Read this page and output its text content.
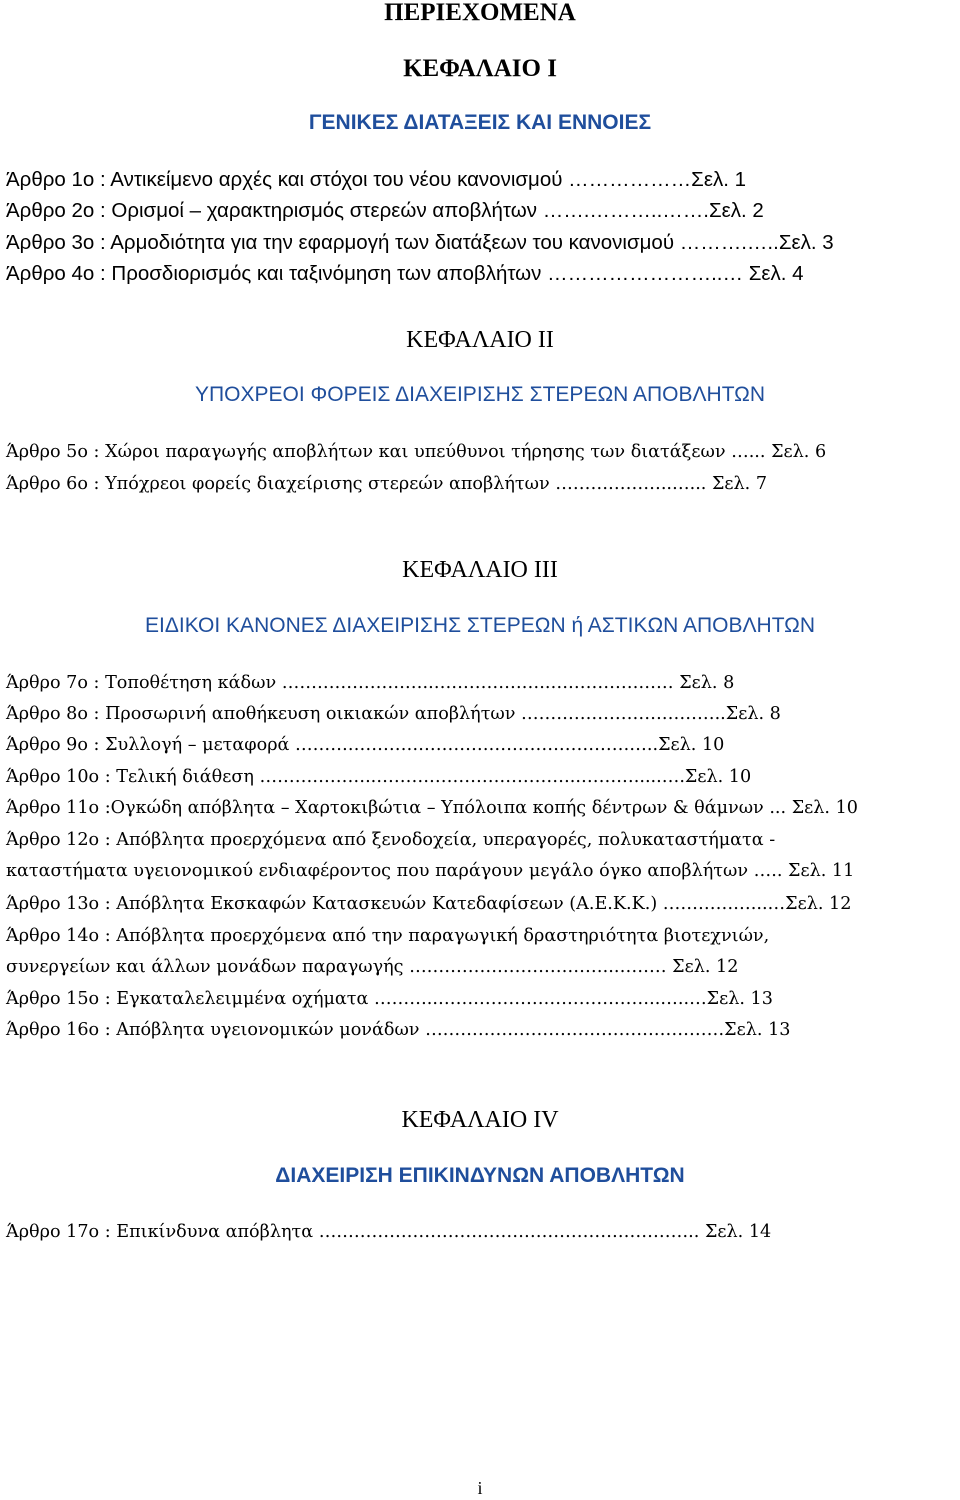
ΠΕΡΙΕΧΟΜΕΝΑ
ΚΕΦΑΛΑΙΟ Ι
ΓΕΝΙΚΕΣ ΔΙΑΤΑΞΕΙΣ ΚΑΙ ΕΝΝΟΙΕΣ
Άρθρο 1ο : Αντικείμενο αρχές και στόχοι του νέου κανονισμού ………………Σελ. 1
Άρθρο 2ο : Ορισμοί – χαρακτηρισμός στερεών αποβλήτων …….………..…….Σελ. 2
Άρθρο 3ο : Αρμοδιότητα για την εφαρμογή των διατάξεων του κανονισμού ……….…..Σελ. 3
Άρθρο 4ο : Προσδιορισμός και ταξινόμηση των αποβλήτων ……………………..… Σελ. 4
ΚΕΦΑΛΑΙΟ ΙΙ
ΥΠΟΧΡΕΟΙ ΦΟΡΕΙΣ ΔΙΑΧΕΙΡΙΣΗΣ ΣΤΕΡΕΩΝ ΑΠΟΒΛΗΤΩΝ
Άρθρο 5ο : Χώροι παραγωγής αποβλήτων και υπεύθυνοι τήρησης των διατάξεων …... Σελ. 6
Άρθρο 6ο : Υπόχρεοι φορείς διαχείρισης στερεών αποβλήτων ………………..…... Σελ. 7
ΚΕΦΑΛΑΙΟ ΙΙΙ
ΕΙΔΙΚΟΙ ΚΑΝΟΝΕΣ ΔΙΑΧΕΙΡΙΣΗΣ ΣΤΕΡΕΩΝ ή ΑΣΤΙΚΩΝ ΑΠΟΒΛΗΤΩΝ
Άρθρο 7ο : Τοποθέτηση κάδων ……………………..………………..………………… Σελ. 8
Άρθρο 8ο : Προσωρινή αποθήκευση οικιακών αποβλήτων ……………………………..Σελ. 8
Άρθρο 9ο : Συλλογή – μεταφορά ……………………………………………………..Σελ. 10
Άρθρο 10ο : Τελική διάθεση ………………..……………………………..……….....….Σελ. 10
Άρθρο 11ο :Ογκώδη απόβλητα – Χαρτοκιβώτια – Υπόλοιπα κοπής δέντρων & θάμνων ... Σελ. 10
Άρθρο 12ο : Απόβλητα προερχόμενα από ξενοδοχεία, υπεραγορές, πολυκαταστήματα -
καταστήματα υγειονομικού ενδιαφέροντος που παράγουν μεγάλο όγκο αποβλήτων ….. Σελ. 11
Άρθρο 13ο : Απόβλητα Εκσκαφών Κατασκευών Κατεδαφίσεων (Α.Ε.Κ.Κ.) ……………...…Σελ. 12
Άρθρο 14ο : Απόβλητα προερχόμενα από την παραγωγική δραστηριότητα βιοτεχνιών,
συνεργείων και άλλων μονάδων παραγωγής ……………………………..……… Σελ. 12
Άρθρο 15ο : Εγκαταλελειμμένα οχήματα ………..………………………………..…..…Σελ. 13
Άρθρο 16ο : Απόβλητα υγειονομικών μονάδων ……………………………………………Σελ. 13
ΚΕΦΑΛΑΙΟ ΙV
ΔΙΑΧΕΙΡΙΣΗ ΕΠΙΚΙΝΔΥΝΩΝ ΑΠΟΒΛΗΤΩΝ
Άρθρο 17ο : Επικίνδυνα απόβλητα ……………………………………………………….. Σελ. 14
i
